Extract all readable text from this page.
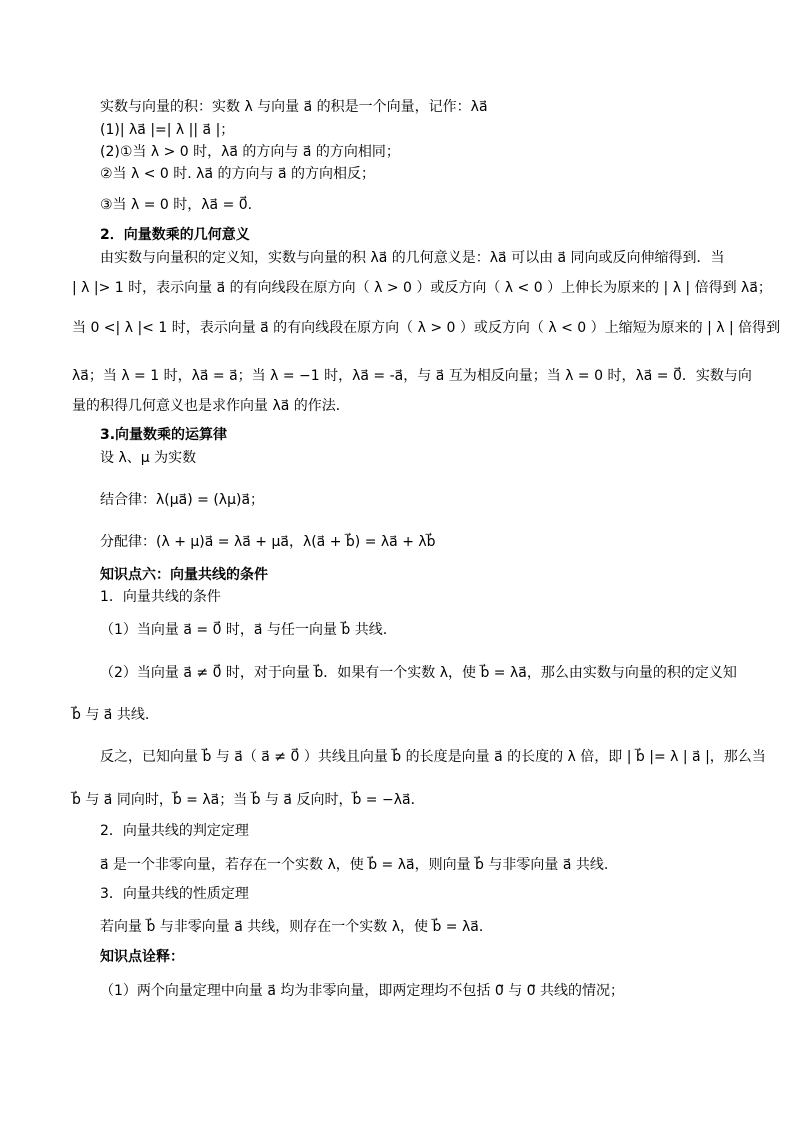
实数与向量的积：实数 λ 与向量 a⃗ 的积是一个向量，记作：λa⃗
(1)| λa⃗ |=| λ || a⃗ |；
(2)①当 λ > 0 时，λa⃗ 的方向与 a⃗ 的方向相同；
②当 λ < 0 时. λa⃗ 的方向与 a⃗ 的方向相反；
③当 λ = 0 时，λa⃗ = 0⃗.
2．向量数乘的几何意义
由实数与向量积的定义知，实数与向量的积 λa⃗ 的几何意义是：λa⃗ 可以由 a⃗ 同向或反向伸缩得到．当
| λ |> 1 时，表示向量 a⃗ 的有向线段在原方向（ λ > 0 ）或反方向（ λ < 0 ）上伸长为原来的 | λ | 倍得到 λa⃗；
当 0 <| λ |< 1 时，表示向量 a⃗ 的有向线段在原方向（ λ > 0 ）或反方向（ λ < 0 ）上缩短为原来的 | λ | 倍得到
λa⃗；当 λ = 1 时，λa⃗ = a⃗；当 λ = −1 时，λa⃗ = -a⃗，与 a⃗ 互为相反向量；当 λ = 0 时，λa⃗ = 0⃗．实数与向
量的积得几何意义也是求作向量 λa⃗ 的作法．
3.向量数乘的运算律
设 λ、μ 为实数
结合律：λ(μa⃗) = (λμ)a⃗；
分配律：(λ + μ)a⃗ = λa⃗ + μa⃗，λ(a⃗ + b⃗) = λa⃗ + λb⃗
知识点六：向量共线的条件
1．向量共线的条件
（1）当向量 a⃗ = 0⃗ 时，a⃗ 与任一向量 b⃗ 共线.
（2）当向量 a⃗ ≠ 0⃗ 时，对于向量 b⃗．如果有一个实数 λ，使 b⃗ = λa⃗，那么由实数与向量的积的定义知
b⃗ 与 a⃗ 共线.
反之，已知向量 b⃗ 与 a⃗（ a⃗ ≠ 0⃗ ）共线且向量 b⃗ 的长度是向量 a⃗ 的长度的 λ 倍，即 | b⃗ |= λ | a⃗ |，那么当
b⃗ 与 a⃗ 同向时，b⃗ = λa⃗；当 b⃗ 与 a⃗ 反向时，b⃗ = −λa⃗．
2．向量共线的判定定理
a⃗ 是一个非零向量，若存在一个实数 λ，使 b⃗ = λa⃗，则向量 b⃗ 与非零向量 a⃗ 共线.
3．向量共线的性质定理
若向量 b⃗ 与非零向量 a⃗ 共线，则存在一个实数 λ，使 b⃗ = λa⃗．
知识点诠释：
（1）两个向量定理中向量 a⃗ 均为非零向量，即两定理均不包括 0⃗ 与 0⃗ 共线的情况；
